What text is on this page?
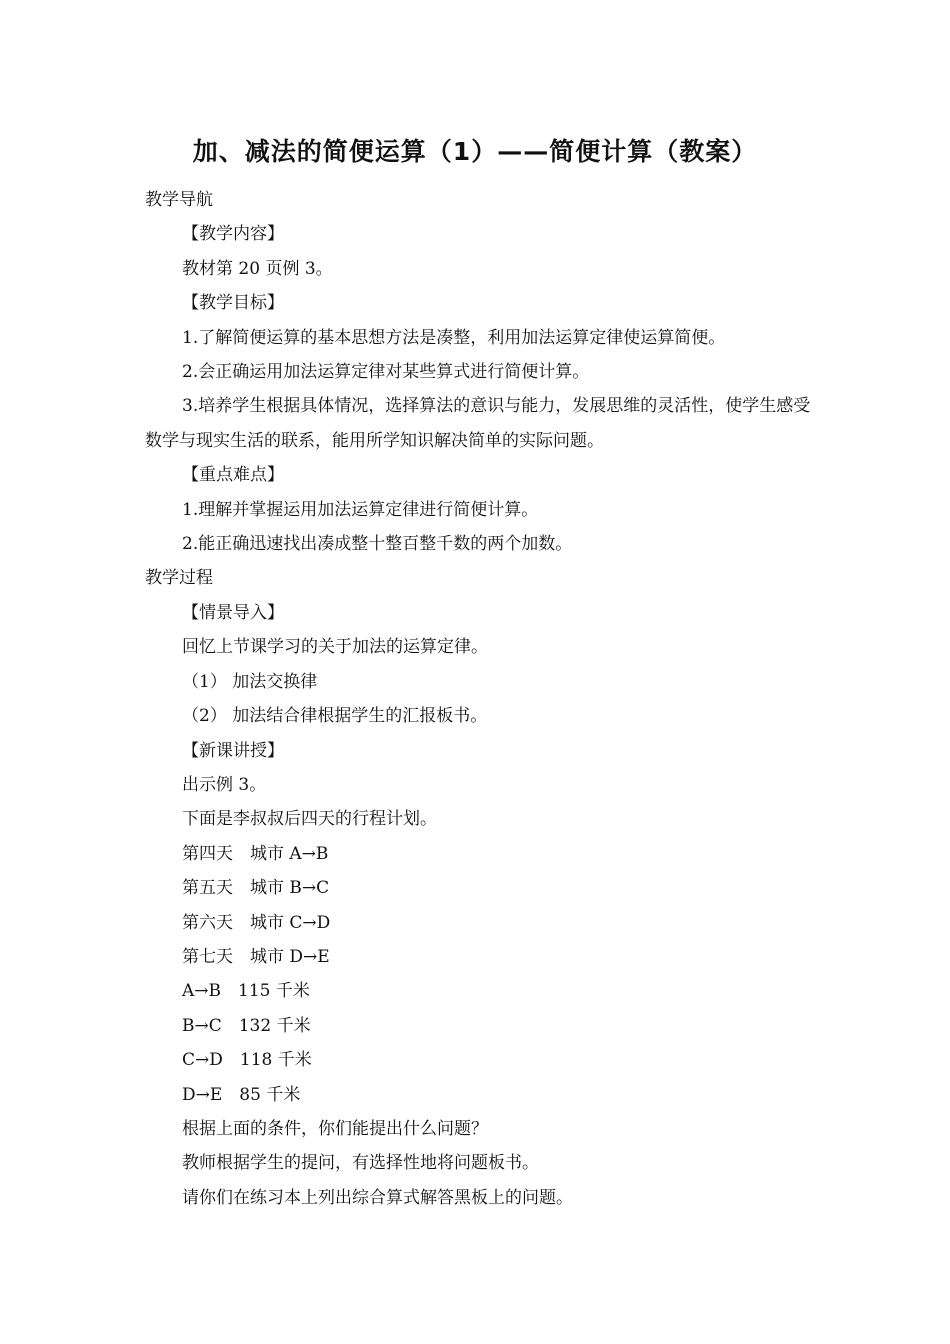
加、减法的简便运算（1）——简便计算（教案）
教学导航
【教学内容】
教材第 20 页例 3。
【教学目标】
1.了解简便运算的基本思想方法是凑整，利用加法运算定律使运算简便。
2.会正确运用加法运算定律对某些算式进行简便计算。
3.培养学生根据具体情况，选择算法的意识与能力，发展思维的灵活性，使学生感受数学与现实生活的联系，能用所学知识解决简单的实际问题。
【重点难点】
1.理解并掌握运用加法运算定律进行简便计算。
2.能正确迅速找出凑成整十整百整千数的两个加数。
教学过程
【情景导入】
回忆上节课学习的关于加法的运算定律。
（1） 加法交换律
（2） 加法结合律根据学生的汇报板书。
【新课讲授】
出示例 3。
下面是李叔叔后四天的行程计划。
第四天　城市 A→B
第五天　城市 B→C
第六天　城市 C→D
第七天　城市 D→E
A→B　115 千米
B→C　132 千米
C→D　118 千米
D→E　85 千米
根据上面的条件，你们能提出什么问题？
教师根据学生的提问，有选择性地将问题板书。
请你们在练习本上列出综合算式解答黑板上的问题。
